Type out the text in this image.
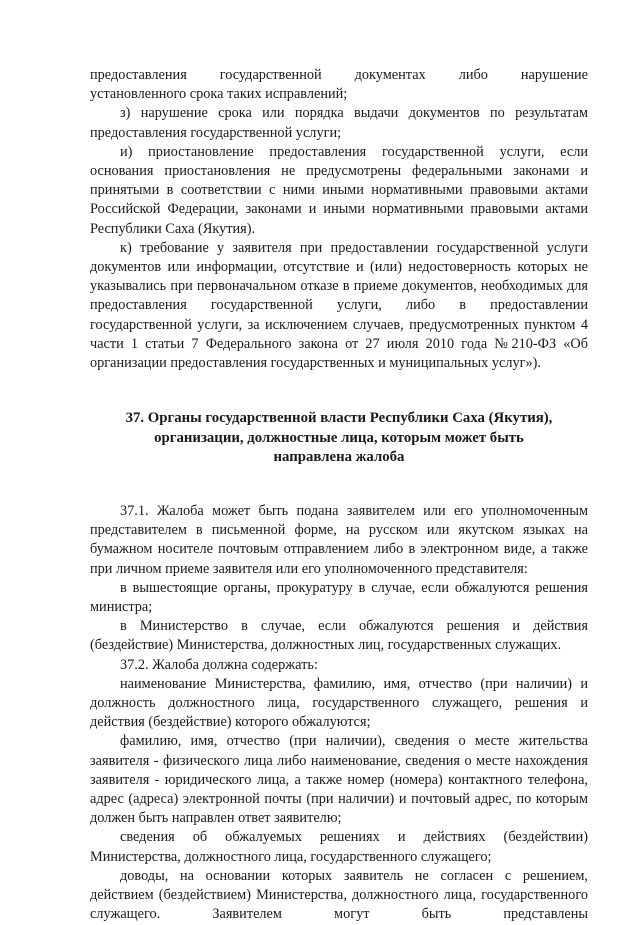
предоставления государственной документах либо нарушение

установленного срока таких исправлений;

з) нарушение срока или порядка выдачи документов по результатам предоставления государственной услуги;

и) приостановление предоставления государственной услуги, если основания приостановления не предусмотрены федеральными законами и принятыми в соответствии с ними иными нормативными правовыми актами Российской Федерации, законами и иными нормативными правовыми актами Республики Саха (Якутия).

к) требование у заявителя при предоставлении государственной услуги документов или информации, отсутствие и (или) недостоверность которых не указывались при первоначальном отказе в приеме документов, необходимых для предоставления государственной услуги, либо в предоставлении государственной услуги, за исключением случаев, предусмотренных пунктом 4 части 1 статьи 7 Федерального закона от 27 июля 2010 года №210-ФЗ «Об организации предоставления государственных и муниципальных услуг»).

37. Органы государственной власти Республики Саха (Якутия),
организации, должностные лица, которым может быть
направлена жалоба

37.1. Жалоба может быть подана заявителем или его уполномоченным представителем в письменной форме, на русском или якутском языках на бумажном носителе почтовым отправлением либо в электронном виде, а также при личном приеме заявителя или его уполномоченного представителя:

в вышестоящие органы, прокуратуру в случае, если обжалуются решения министра;

в Министерство в случае, если обжалуются решения и действия (бездействие) Министерства, должностных лиц, государственных служащих.

37.2. Жалоба должна содержать:

наименование Министерства, фамилию, имя, отчество (при наличии) и должность должностного лица, государственного служащего, решения и действия (бездействие) которого обжалуются;

фамилию, имя, отчество (при наличии), сведения о месте жительства заявителя - физического лица либо наименование, сведения о месте нахождения заявителя - юридического лица, а также номер (номера) контактного телефона, адрес (адреса) электронной почты (при наличии) и почтовый адрес, по которым должен быть направлен ответ заявителю;

сведения об обжалуемых решениях и действиях (бездействии) Министерства, должностного лица, государственного служащего;

доводы, на основании которых заявитель не согласен с решением, действием (бездействием) Министерства, должностного лица, государственного служащего. Заявителем могут быть представлены
